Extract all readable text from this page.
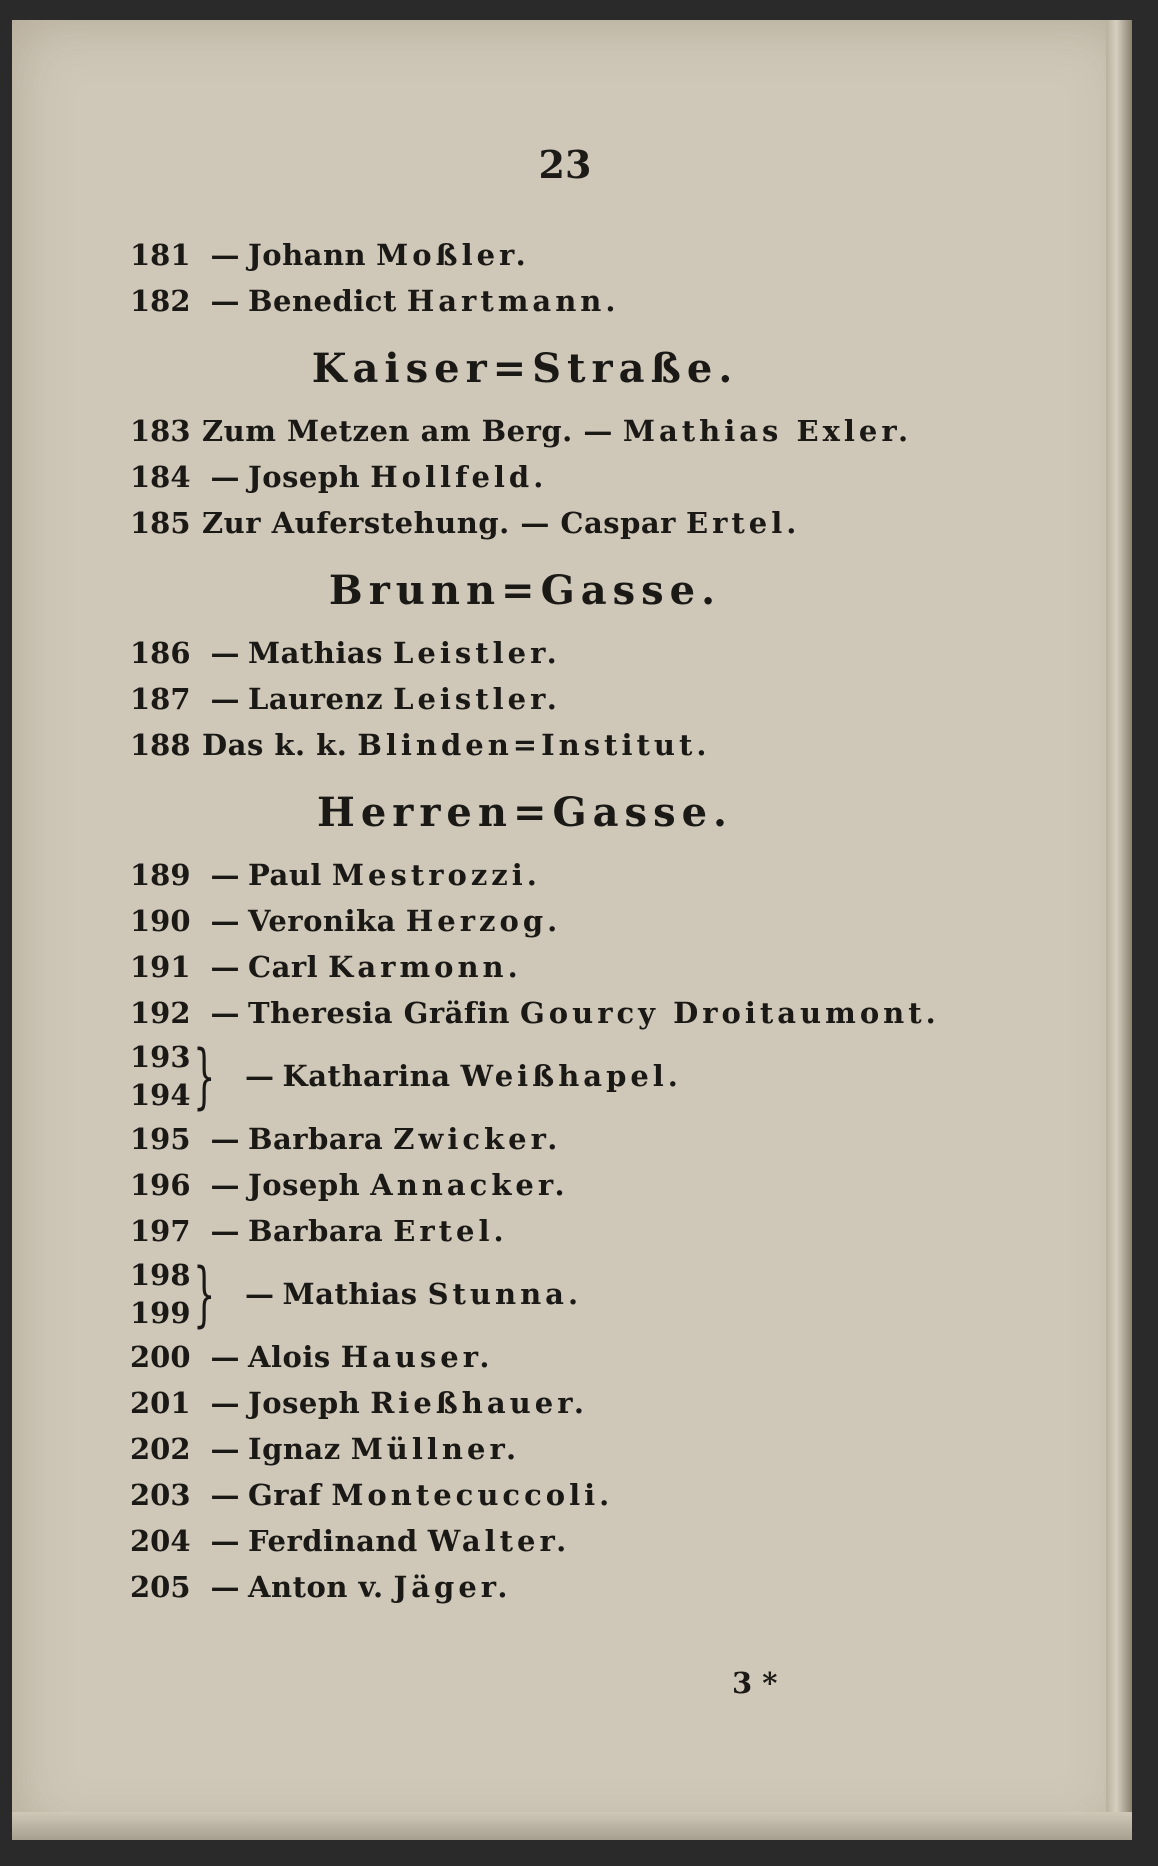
23
181 — Johann Moßler.
182 — Benedict Hartmann.
Kaiser=Straße.
183 Zum Metzen am Berg. — Mathias Exler.
184 — Joseph Hollfeld.
185 Zur Auferstehung. — Caspar Ertel.
Brunn=Gasse.
186 — Mathias Leistler.
187 — Laurenz Leistler.
188 Das k. k. Blinden=Institut.
Herren=Gasse.
189 — Paul Mestrozzi.
190 — Veronika Herzog.
191 — Carl Karmonn.
192 — Theresia Gräfin Gourcy Droitaumont.
193
194 } — Katharina Weißhapel.
195 — Barbara Zwicker.
196 — Joseph Annacker.
197 — Barbara Ertel.
198
199 } — Mathias Stunna.
200 — Alois Hauser.
201 — Joseph Rießhauer.
202 — Ignaz Müllner.
203 — Graf Montecuccoli.
204 — Ferdinand Walter.
205 — Anton v. Jäger.
3 *
